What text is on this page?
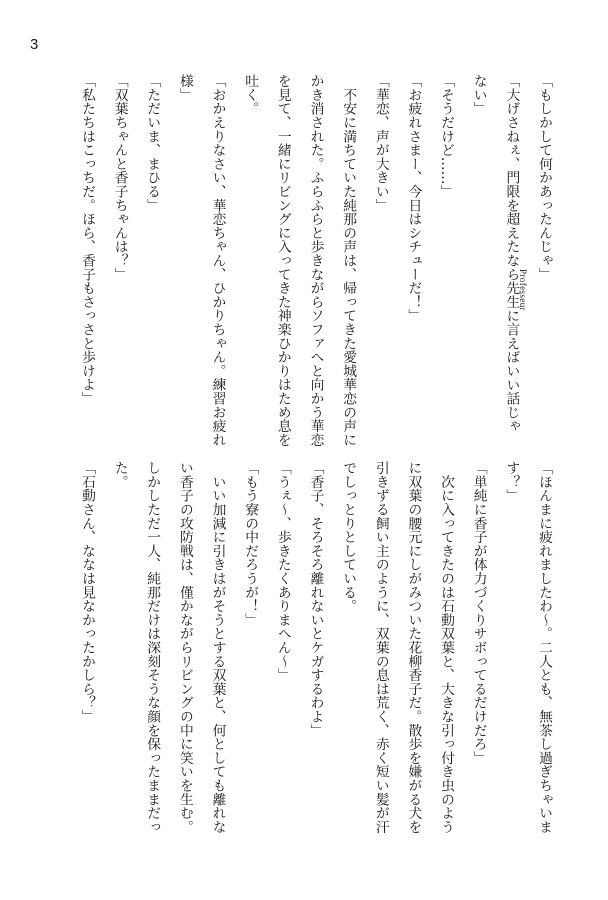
3
「もしかして何かあったんじゃ」
「大げさねぇ、門限を超えたなら先生に言えばいい話じゃ
ない」
「そうだけど……」
「お疲れさまー、今日はシチューだ！」
「華恋、声が大きい」
　不安に満ちていた純那の声は、帰ってきた愛城華恋の声に
かき消された。ふらふらと歩きながらソファへと向かう華恋
を見て、一緒にリビングに入ってきた神楽ひかりはため息を
吐く。
「おかえりなさい、華恋ちゃん、ひかりちゃん。練習お疲れ
様」
「ただいま、まひる」
「双葉ちゃんと香子ちゃんは？」
「私たちはこっちだ。ほら、香子もさっさと歩けよ」	Professeur
「ほんまに疲れましたわ～。二人とも、無茶し過ぎちゃいま
す？」
「単純に香子が体力づくりサボってるだけだろ」
　次に入ってきたのは石動双葉と、大きな引っ付き虫のよう
に双葉の腰元にしがみついた花柳香子だ。散歩を嫌がる犬を
引きずる飼い主のように、双葉の息は荒く、赤く短い髪が汗
でしっとりとしている。
「香子、そろそろ離れないとケガするわよ」
「うぇ～、歩きたくありまへん～」
「もう寮の中だろうが！」
　いい加減に引きはがそうとする双葉と、何としても離れな
い香子の攻防戦は、僅かながらリビングの中に笑いを生む。
しかしただ一人、純那だけは深刻そうな顔を保ったままだっ
た。
「石動さん、ななは見なかったかしら？」
